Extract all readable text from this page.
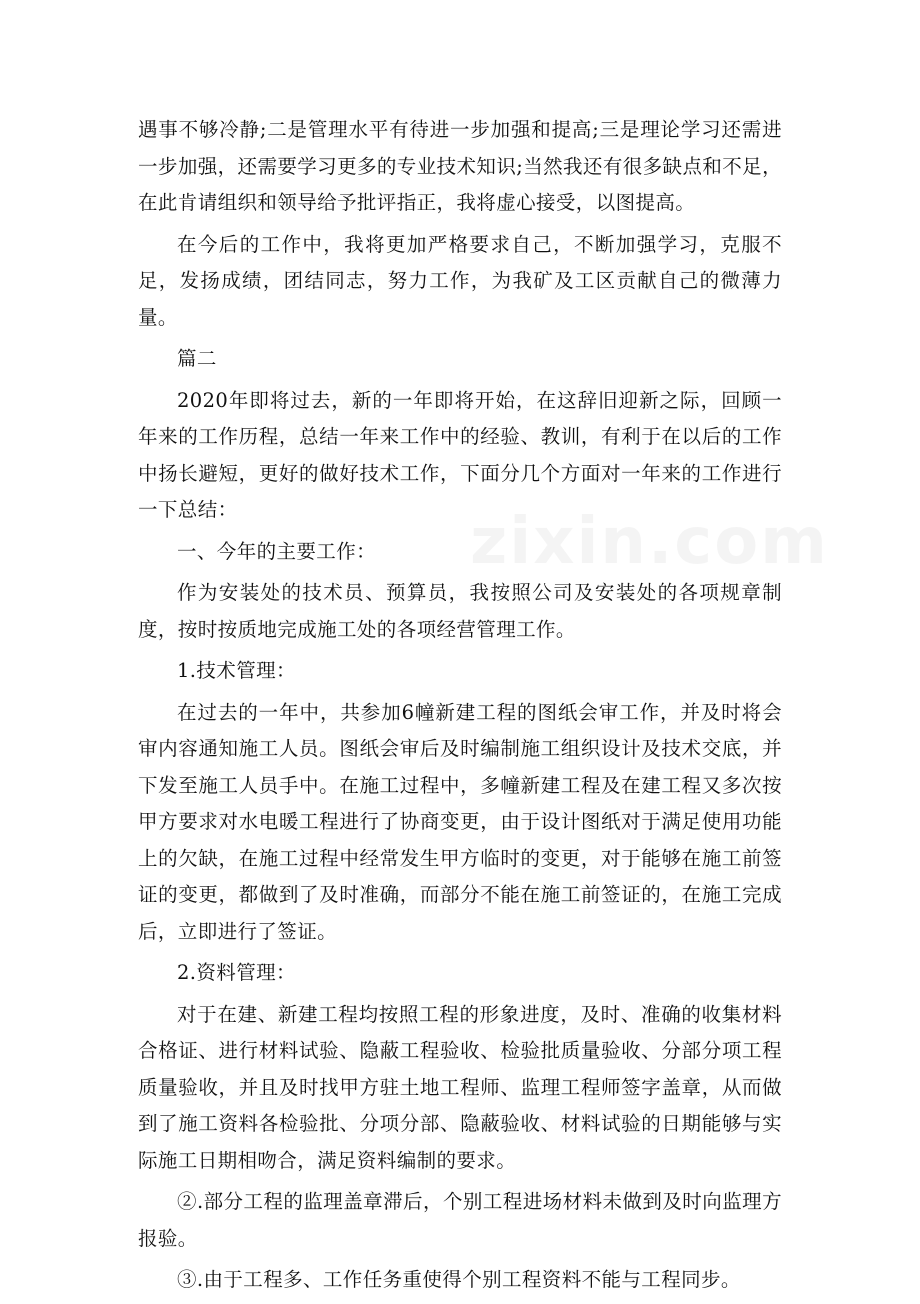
遇事不够冷静;二是管理水平有待进一步加强和提高;三是理论学习还需进一步加强，还需要学习更多的专业技术知识;当然我还有很多缺点和不足，在此肯请组织和领导给予批评指正，我将虚心接受，以图提高。

在今后的工作中，我将更加严格要求自己，不断加强学习，克服不足，发扬成绩，团结同志，努力工作，为我矿及工区贡献自己的微薄力量。

篇二

2020年即将过去，新的一年即将开始，在这辞旧迎新之际，回顾一年来的工作历程，总结一年来工作中的经验、教训，有利于在以后的工作中扬长避短，更好的做好技术工作，下面分几个方面对一年来的工作进行一下总结：

一、今年的主要工作：

作为安装处的技术员、预算员，我按照公司及安装处的各项规章制度，按时按质地完成施工处的各项经营管理工作。

1.技术管理：

在过去的一年中，共参加6幢新建工程的图纸会审工作，并及时将会审内容通知施工人员。图纸会审后及时编制施工组织设计及技术交底，并下发至施工人员手中。在施工过程中，多幢新建工程及在建工程又多次按甲方要求对水电暖工程进行了协商变更，由于设计图纸对于满足使用功能上的欠缺，在施工过程中经常发生甲方临时的变更，对于能够在施工前签证的变更，都做到了及时准确，而部分不能在施工前签证的，在施工完成后，立即进行了签证。

2.资料管理：

对于在建、新建工程均按照工程的形象进度，及时、准确的收集材料合格证、进行材料试验、隐蔽工程验收、检验批质量验收、分部分项工程质量验收，并且及时找甲方驻土地工程师、监理工程师签字盖章，从而做到了施工资料各检验批、分项分部、隐蔽验收、材料试验的日期能够与实际施工日期相吻合，满足资料编制的要求。

②.部分工程的监理盖章滞后，个别工程进场材料未做到及时向监理方报验。

③.由于工程多、工作任务重使得个别工程资料不能与工程同步。
